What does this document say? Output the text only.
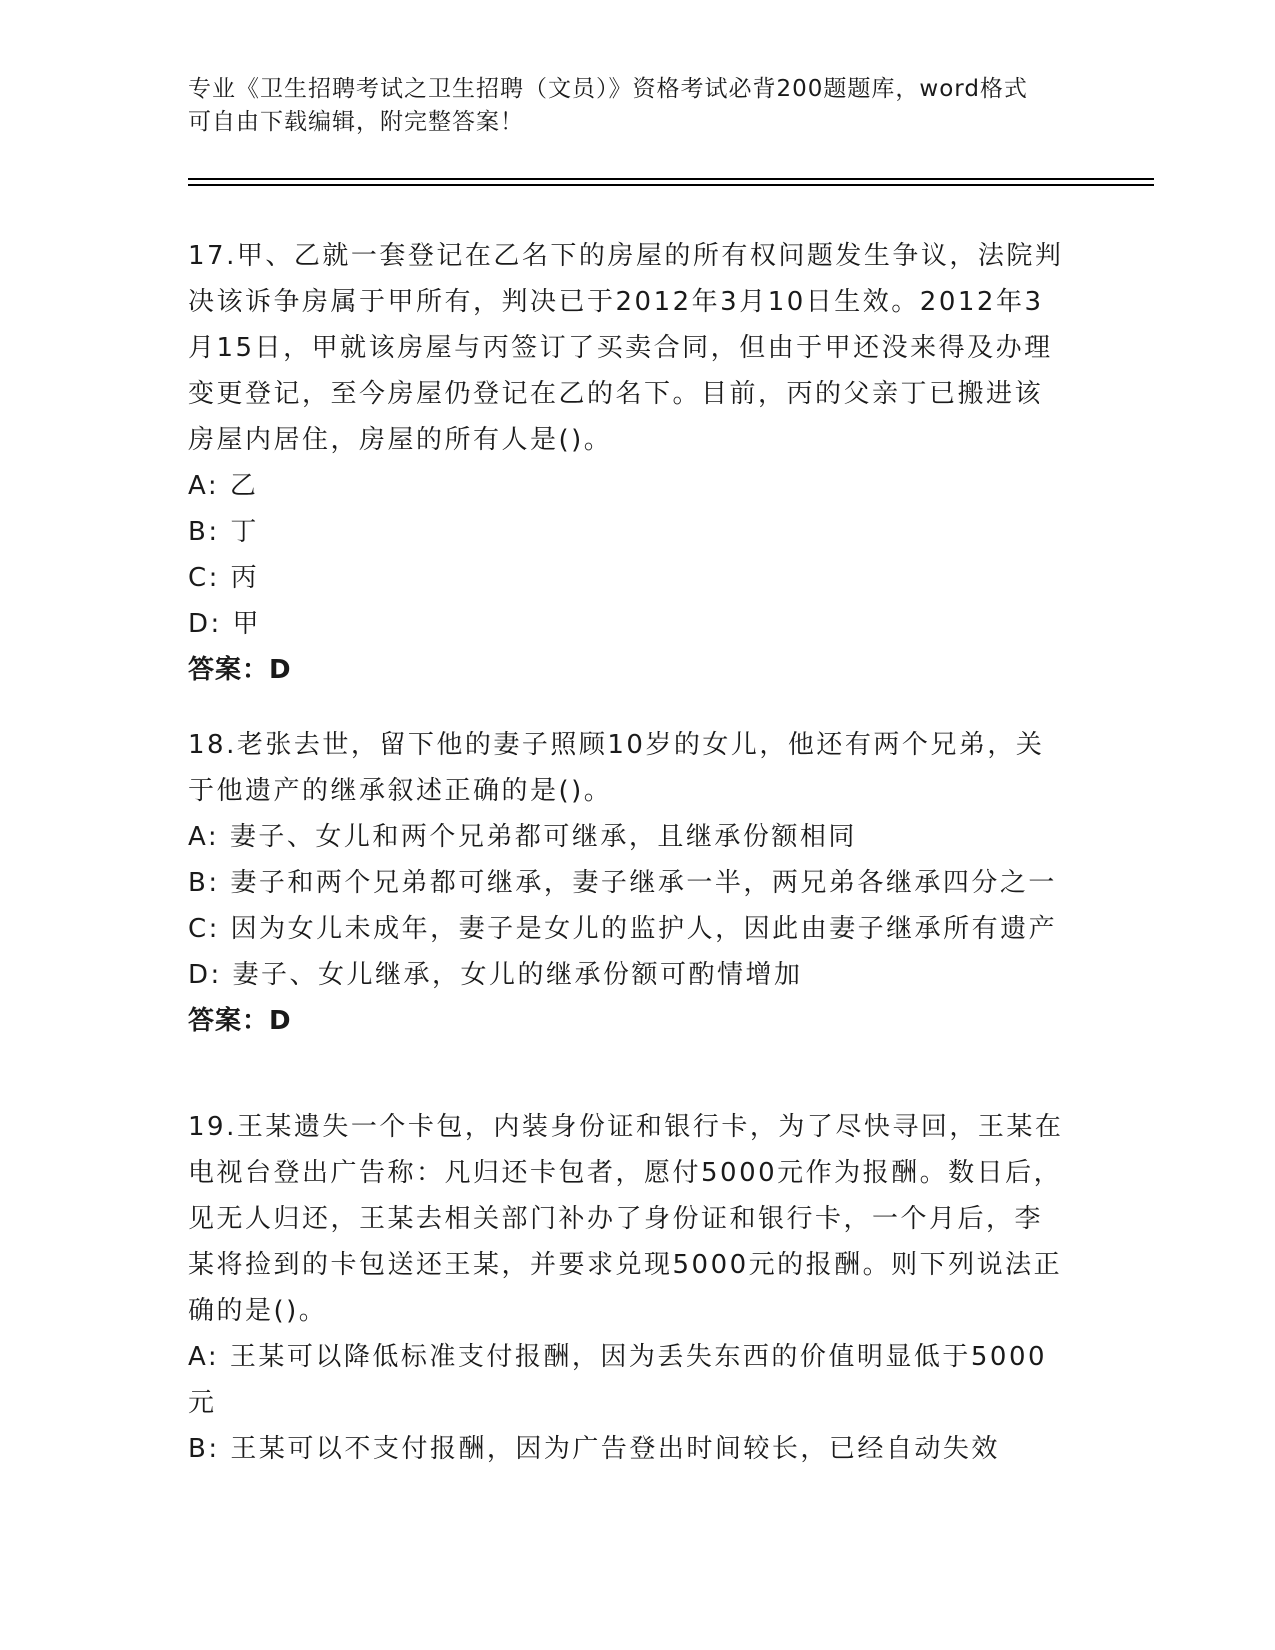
专业《卫生招聘考试之卫生招聘（文员）》资格考试必背200题题库，word格式
可自由下载编辑，附完整答案！
17.甲、乙就一套登记在乙名下的房屋的所有权问题发生争议，法院判
决该诉争房属于甲所有，判决已于2012年3月10日生效。2012年3
月15日，甲就该房屋与丙签订了买卖合同，但由于甲还没来得及办理
变更登记，至今房屋仍登记在乙的名下。目前，丙的父亲丁已搬进该
房屋内居住，房屋的所有人是()。
A: 乙
B: 丁
C: 丙
D: 甲
答案：D
18.老张去世，留下他的妻子照顾10岁的女儿，他还有两个兄弟，关
于他遗产的继承叙述正确的是()。
A: 妻子、女儿和两个兄弟都可继承，且继承份额相同
B: 妻子和两个兄弟都可继承，妻子继承一半，两兄弟各继承四分之一
C: 因为女儿未成年，妻子是女儿的监护人，因此由妻子继承所有遗产
D: 妻子、女儿继承，女儿的继承份额可酌情增加
答案：D
19.王某遗失一个卡包，内装身份证和银行卡，为了尽快寻回，王某在
电视台登出广告称：凡归还卡包者，愿付5000元作为报酬。数日后，
见无人归还，王某去相关部门补办了身份证和银行卡，一个月后，李
某将捡到的卡包送还王某，并要求兑现5000元的报酬。则下列说法正
确的是()。
A: 王某可以降低标准支付报酬，因为丢失东西的价值明显低于5000
元
B: 王某可以不支付报酬，因为广告登出时间较长，已经自动失效
